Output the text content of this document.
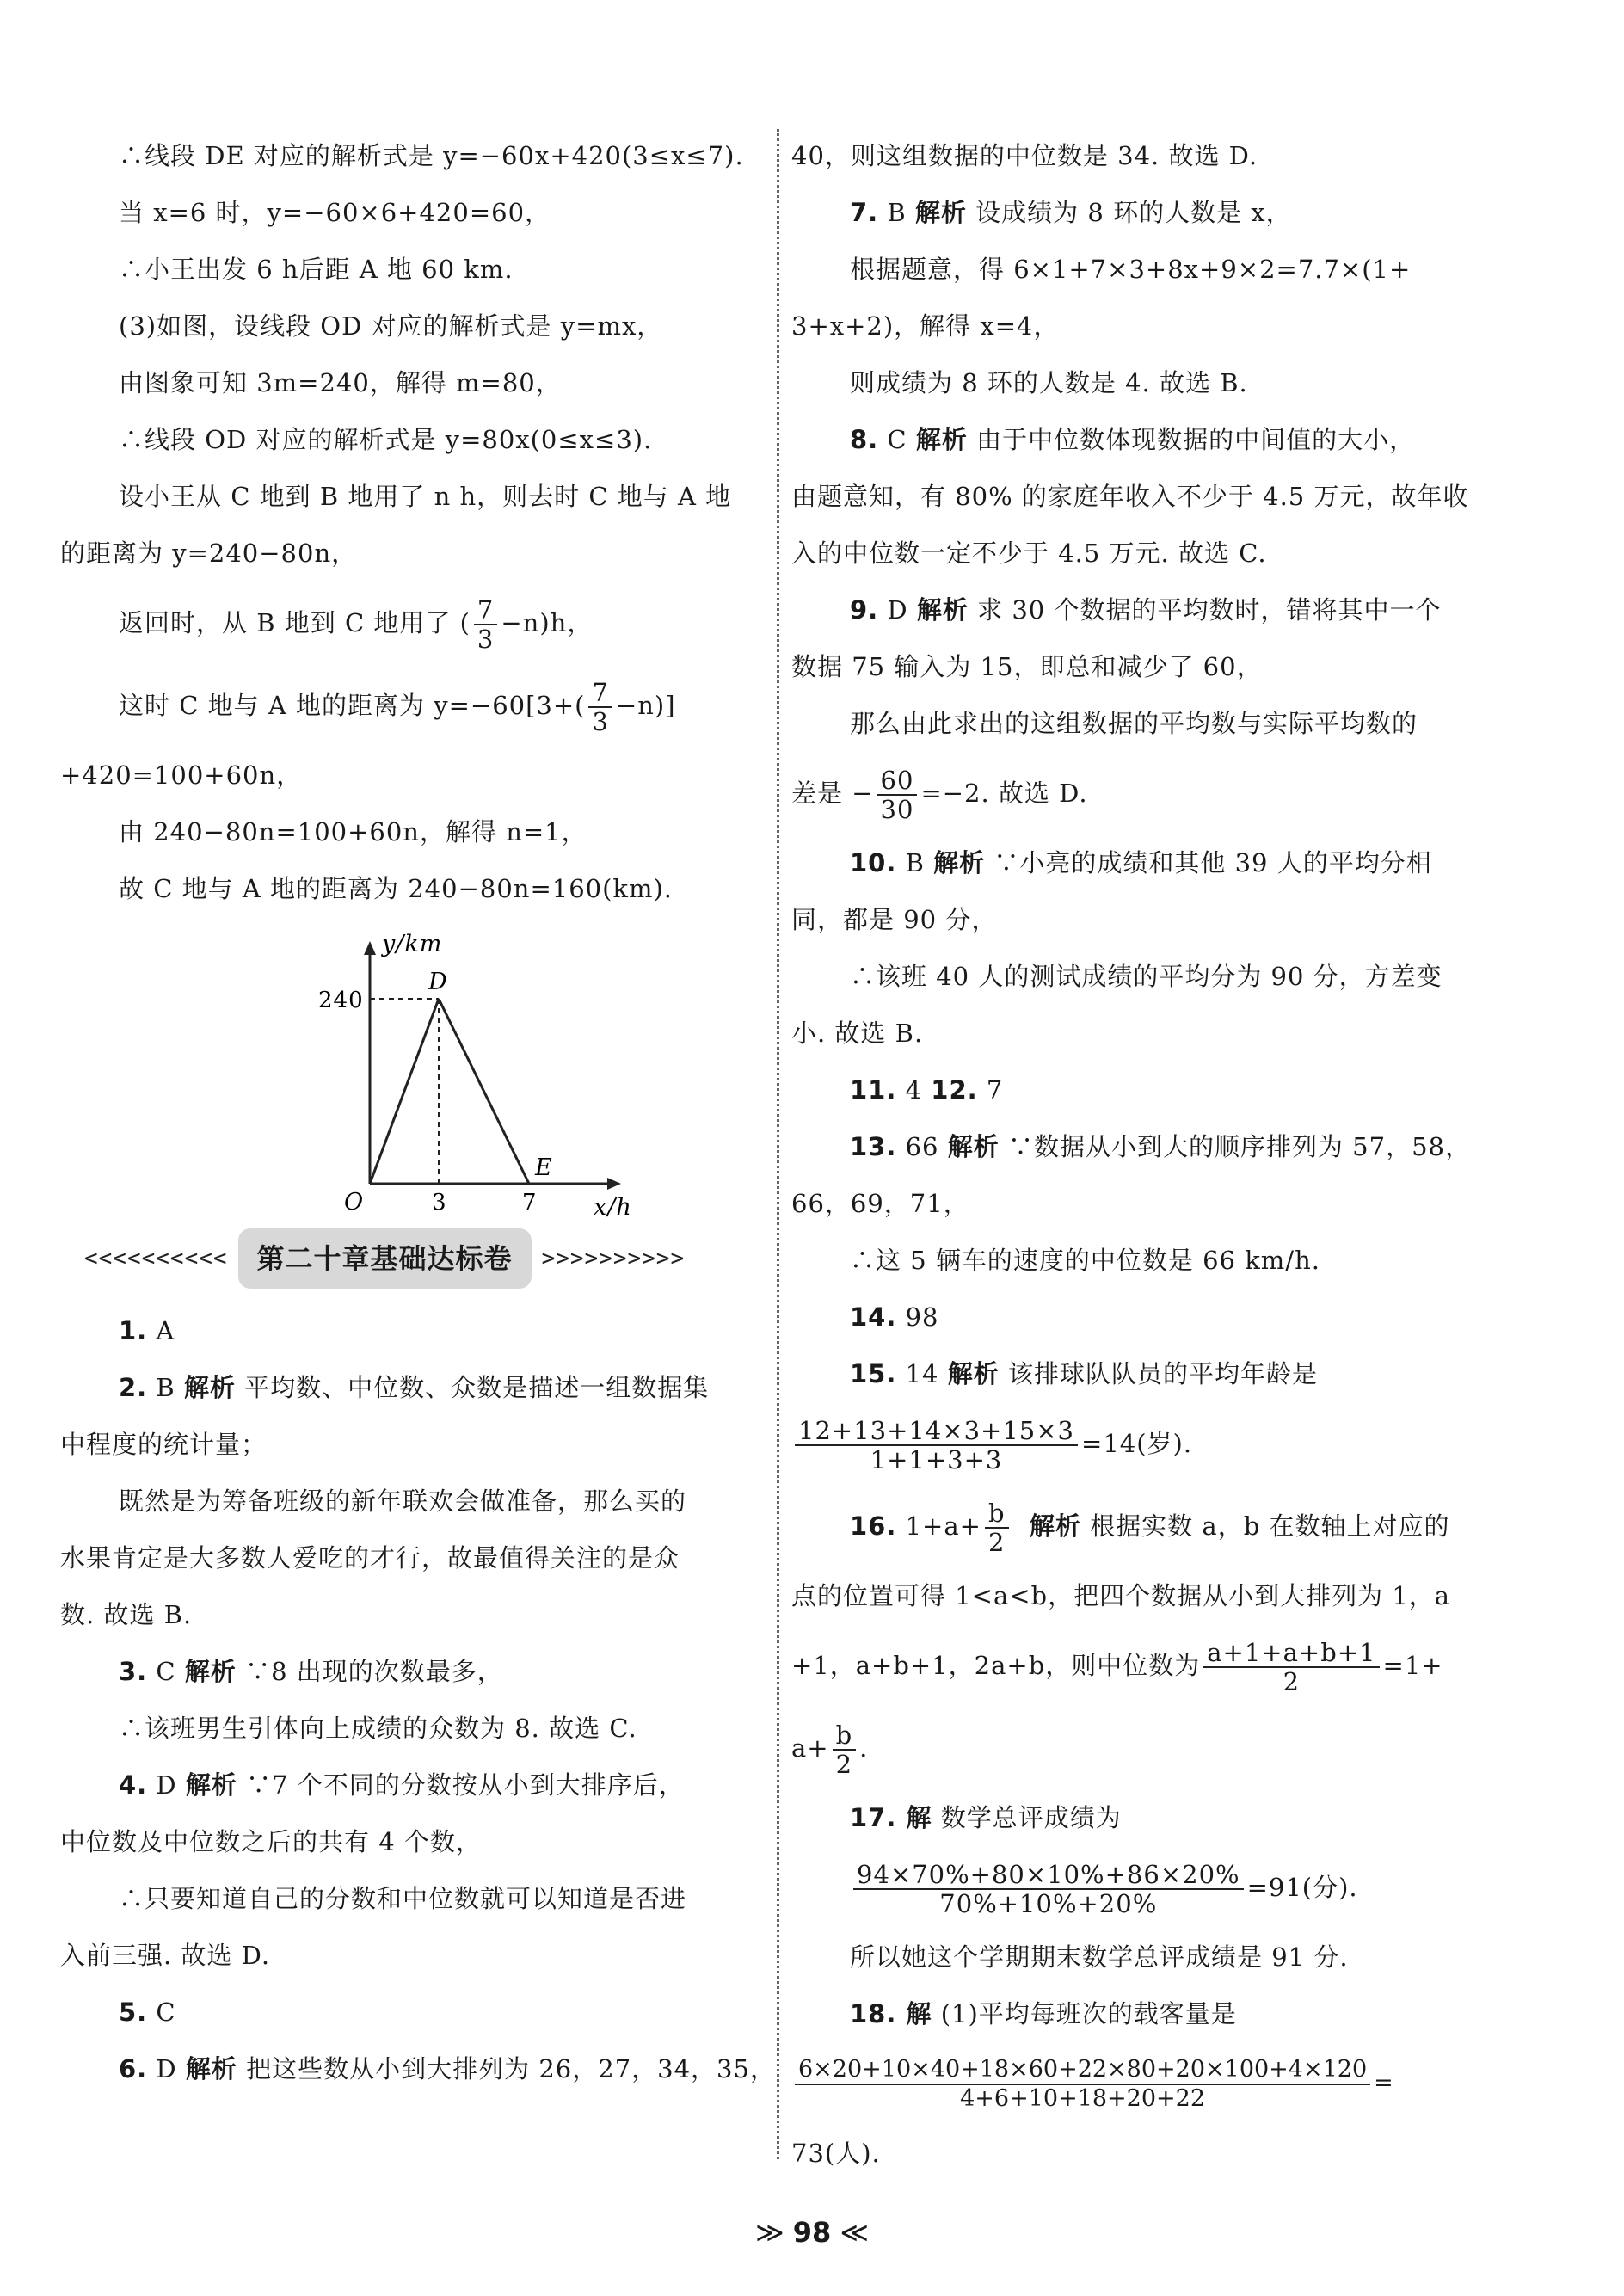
∴线段 DE 对应的解析式是 y=−60x+420(3≤x≤7).
当 x=6 时，y=−60×6+420=60，
∴小王出发 6 h后距 A 地 60 km.
(3)如图，设线段 OD 对应的解析式是 y=mx，
由图象可知 3m=240，解得 m=80，
∴线段 OD 对应的解析式是 y=80x(0≤x≤3).
设小王从 C 地到 B 地用了 n h，则去时 C 地与 A 地
的距离为 y=240−80n，
返回时，从 B 地到 C 地用了 ( $\frac{7}{3} -n)h$，
这时 C 地与 A 地的距离为 $y=-60[3+( \frac{7}{3} -n)]$
+420=100+60n，
由 240−80n=100+60n，解得 n=1，
故 C 地与 A 地的距离为 240−80n=160(km).
y/km
x/h
O
D
E
240
3	7
<<<<<<<<<<	第二十章基础达标卷	>>>>>>>>>>
1. A
2. B 解析 平均数、中位数、众数是描述一组数据集
中程度的统计量；
既然是为筹备班级的新年联欢会做准备，那么买的
水果肯定是大多数人爱吃的才行，故最值得关注的是众
数. 故选 B.
3. C 解析 ∵8 出现的次数最多，
∴该班男生引体向上成绩的众数为 8. 故选 C.
4. D 解析 ∵7 个不同的分数按从小到大排序后，
中位数及中位数之后的共有 4 个数，
∴只要知道自己的分数和中位数就可以知道是否进
入前三强. 故选 D.
5. C
6. D 解析 把这些数从小到大排列为 26，27，34，35，
40，则这组数据的中位数是 34. 故选 D.
7. B 解析 设成绩为 8 环的人数是 x，
根据题意，得 6×1+7×3+8x+9×2=7.7×(1+
3+x+2)，解得 x=4，
则成绩为 8 环的人数是 4. 故选 B.
8. C 解析 由于中位数体现数据的中间值的大小，
由题意知，有 80% 的家庭年收入不少于 4.5 万元，故年收
入的中位数一定不少于 4.5 万元. 故选 C.
9. D 解析 求 30 个数据的平均数时，错将其中一个
数据 75 输入为 15，即总和减少了 60，
那么由此求出的这组数据的平均数与实际平均数的
差是 − $\frac{60}{30} =-2$. 故选 D.
10. B 解析 ∵小亮的成绩和其他 39 人的平均分相
同，都是 90 分，
∴该班 40 人的测试成绩的平均分为 90 分，方差变
小. 故选 B.
11. 4 12. 7
13. 66 解析 ∵数据从小到大的顺序排列为 57，58，
66，69，71，
∴这 5 辆车的速度的中位数是 66 km/h.
14. 98
15. 14 解析 该排球队队员的平均年龄是
$\frac{12+13+14\times 3+15\times 3}{1+1+3+3} =14$(岁).
16. $1+a+ \frac{b}{2}$ 解析 根据实数 a，b 在数轴上对应的
点的位置可得 1<a<b，把四个数据从小到大排列为 1，a
+1，a+b+1，2a+b，则中位数为 $\frac{a+1+a+b+1}{2} =1+$
$a+ \frac{b}{2}$ .
17. 解 数学总评成绩为
$\frac{94\times 70\%+80\times 10\%+86\times 20\%}{70\%+10\%+20\%} =91$(分).
所以她这个学期期末数学总评成绩是 91 分.
18. 解 (1)平均每班次的载客量是
$\frac{6\times 20+10\times 40+18\times 60+22\times 80+20\times 100+4\times 120}{4+6+10+18+20+22}$ =
73(人).
≫ 98 ≪
